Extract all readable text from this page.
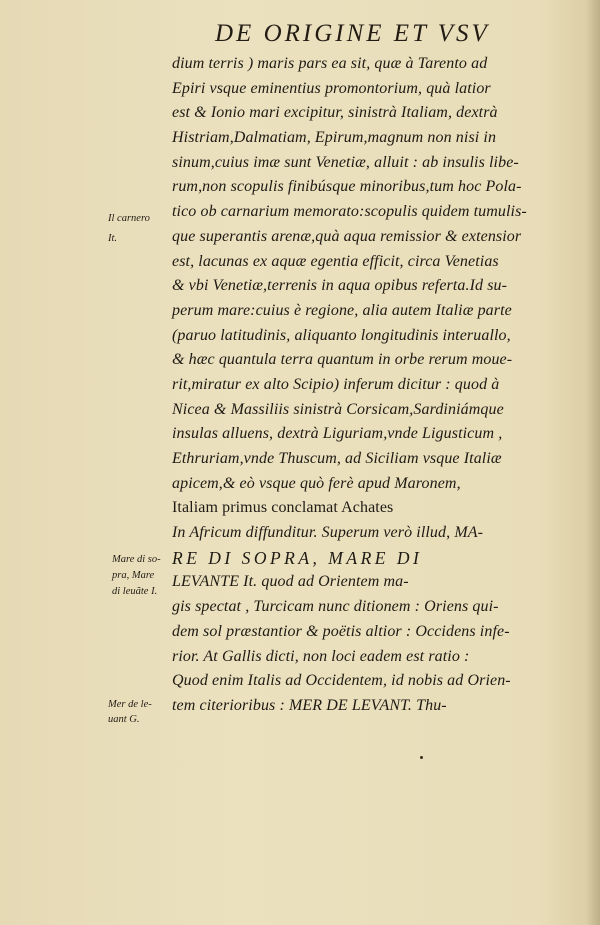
DE ORIGINE ET VSV
dium terris ) maris pars ea sit, quæ à Tarento ad
Epiri vsque eminentius promontorium, quà latior
est & Ionio mari excipitur, sinistrà Italiam, dextrà
Histriam,Dalmatiam, Epirum,magnum non nisi in
sinum,cuius imæ sunt Venetiæ, alluit : ab insulis libe-
rum,non scopulis finibúsque minoribus,tum hoc Pola-
tico ob carnarium memorato:scopulis quidem tumulis-
que superantis arenæ,quà aqua remissior & extensior
est, lacunas ex aquæ egentia efficit, circa Venetias
& vbi Venetiæ,terrenis in aqua opibus referta.Id su-
perum mare:cuius è regione, alia autem Italiæ parte
(paruo latitudinis, aliquanto longitudinis interuallo,
& hæc quantula terra quantum in orbe rerum moue-
rit,miratur ex alto Scipio) inferum dicitur : quod à
Nicea & Massiliis sinistrà Corsicam,Sardiniámque
insulas alluens, dextrà Liguriam,vnde Ligusticum ,
Ethruriam,vnde Thuscum, ad Siciliam vsque Italiæ
apicem,& eò vsque quò ferè apud Maronem,
Italiam primus conclamat Achates
In Africum diffunditur. Superum verò illud, MA-
RE DI SOPRA, MARE DI
LEVANTE It. quod ad Orientem ma-
gis spectat , Turcicam nunc ditionem : Oriens qui-
dem sol præstantior & poëtis altior : Occidens infe-
rior. At Gallis dicti, non loci eadem est ratio :
Quod enim Italis ad Occidentem, id nobis ad Orien-
tem citerioribus : MER DE LEVANT. Thu-
Il carnero
It.
Mare di so-
pra, Mare
di leuãte I.
Mer de le-
uant G.
